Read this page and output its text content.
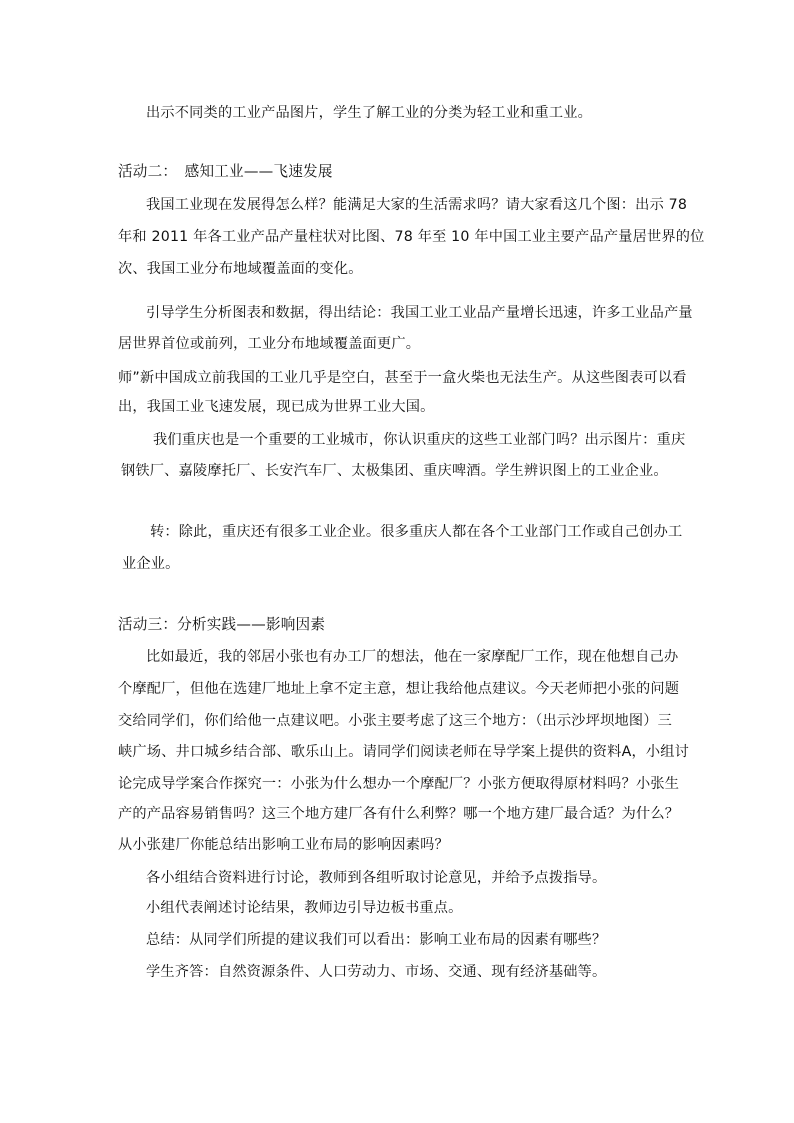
出示不同类的工业产品图片，学生了解工业的分类为轻工业和重工业。
活动二：　感知工业——飞速发展
我国工业现在发展得怎么样？能满足大家的生活需求吗？请大家看这几个图：出示 78
年和 2011 年各工业产品产量柱状对比图、78 年至 10 年中国工业主要产品产量居世界的位
次、我国工业分布地域覆盖面的变化。
引导学生分析图表和数据，得出结论：我国工业工业品产量增长迅速，许多工业品产量
居世界首位或前列，工业分布地域覆盖面更广。
师”新中国成立前我国的工业几乎是空白，甚至于一盒火柴也无法生产。从这些图表可以看
出，我国工业飞速发展，现已成为世界工业大国。
我们重庆也是一个重要的工业城市，你认识重庆的这些工业部门吗？出示图片：重庆
钢铁厂、嘉陵摩托厂、长安汽车厂、太极集团、重庆啤酒。学生辨识图上的工业企业。
转：除此，重庆还有很多工业企业。很多重庆人都在各个工业部门工作或自己创办工
业企业。
活动三：分析实践——影响因素
比如最近，我的邻居小张也有办工厂的想法，他在一家摩配厂工作，现在他想自己办
个摩配厂，但他在选建厂地址上拿不定主意，想让我给他点建议。今天老师把小张的问题
交给同学们，你们给他一点建议吧。小张主要考虑了这三个地方：（出示沙坪坝地图）三
峡广场、井口城乡结合部、歌乐山上。请同学们阅读老师在导学案上提供的资料A，小组讨
论完成导学案合作探究一：小张为什么想办一个摩配厂？小张方便取得原材料吗？小张生
产的产品容易销售吗？这三个地方建厂各有什么利弊？哪一个地方建厂最合适？为什么？
从小张建厂你能总结出影响工业布局的影响因素吗？
各小组结合资料进行讨论，教师到各组听取讨论意见，并给予点拨指导。
小组代表阐述讨论结果，教师边引导边板书重点。
总结：从同学们所提的建议我们可以看出：影响工业布局的因素有哪些？
学生齐答：自然资源条件、人口劳动力、市场、交通、现有经济基础等。
